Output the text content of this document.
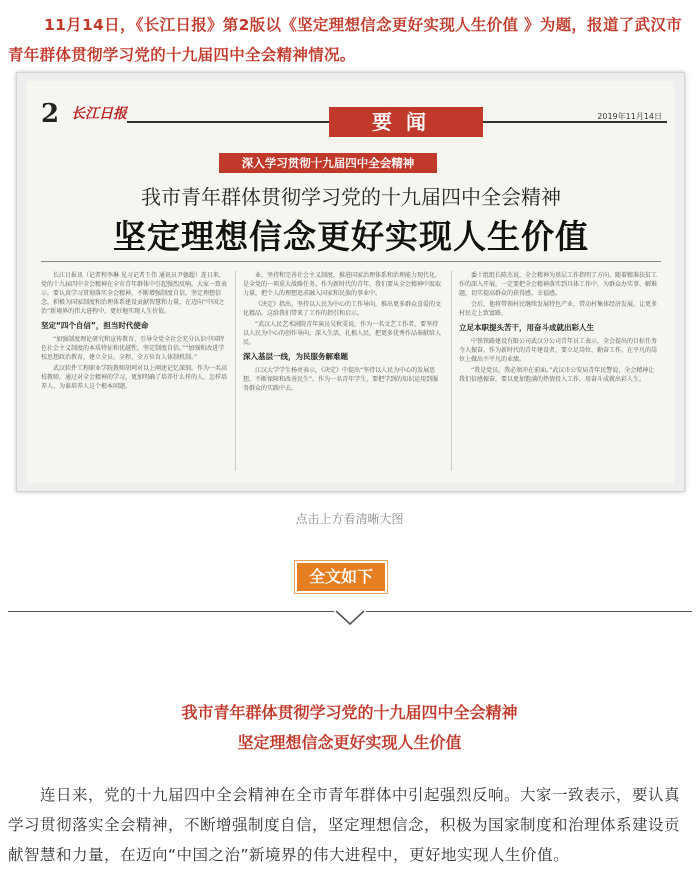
11月14日，《长江日报》第2版以《坚定理想信念更好实现人生价值 》为题，报道了武汉市青年群体贯彻学习党的十九届四中全会精神情况。
2 长江日报	要闻	2019年11月14日
深入学习贯彻十九届四中全会精神
我市青年群体贯彻学习党的十九届四中全会精神
坚定理想信念更好实现人生价值

长江日报讯（记者程李琳 见习记者王伟 通讯员尹德超）连日来，党的十九届四中全会精神在全市青年群体中引起强烈反响。大家一致表示，要认真学习贯彻落实全会精神，不断增强制度自信，坚定理想信念，积极为国家制度和治理体系建设贡献智慧和力量，在迈向“中国之治”新境界的伟大进程中，更好地实现人生价值。

坚定“四个自信”，担当时代使命

“加强制度理论研究和宣传教育，引导全党全社会充分认识中国特色社会主义制度的本质特征和优越性，坚定制度自信。”“加强和改进学校思想政治教育，建立全员、全程、全方位育人体制机制。”

武汉软件工程职业学院教师胡珂对以上阐述记忆深刻。作为一名高校教师，通过对全会精神的学习，更加明确了培养什么样的人、怎样培养人、为谁培养人这个根本问题。

业，坚持和完善社会主义制度，推进国家治理体系和治理能力现代化，是全党的一项重大战略任务。作为新时代的青年，我们要从全会精神中汲取力量，把个人的理想追求融入国家和民族的事业中。

《决定》指出，坚持以人民为中心的工作导向，推出更多群众喜爱的文化精品。这给我们带来了工作的指引和启示。

“武汉人民艺术剧院青年演员吴秋雯说，作为一名文艺工作者，要坚持以人民为中心的创作导向，深入生活，扎根人民，把更多优秀作品奉献给人民。

深入基层一线，为民服务解难题

江汉大学学生杨亮表示，《决定》中提出“坚持以人民为中心的发展思想，不断保障和改善民生”。作为一名青年学生，要把学到的知识运用到服务群众的实践中去。

委十组组长陈杰说，全会精神为基层工作指明了方向。随着精准扶贫工作的深入开展，一定要把全会精神落实到具体工作中，为群众办实事、解难题，切实提高群众的获得感、幸福感。

会后，他将带领村民继续发展特色产业，带动村集体经济发展，让更多村民走上致富路。

立足本职提头苦干，用奋斗成就出彩人生

中铁铁路建设有限公司武汉分公司青年员工表示，全会提出的目标任务令人振奋，作为新时代的青年建设者，要立足岗位、勤奋工作，在平凡的岗位上做出不平凡的业绩。

“我是党员，我必须冲在前面。”武汉市公安局青年民警说，全会精神让我们倍感振奋，要以更加饱满的热情投入工作，用奋斗成就出彩人生。

点击上方看清晰大图
全文如下
我市青年群体贯彻学习党的十九届四中全会精神
坚定理想信念更好实现人生价值
连日来，党的十九届四中全会精神在全市青年群体中引起强烈反响。大家一致表示，要认真学习贯彻落实全会精神，不断增强制度自信，坚定理想信念，积极为国家制度和治理体系建设贡献智慧和力量，在迈向“中国之治”新境界的伟大进程中，更好地实现人生价值。
